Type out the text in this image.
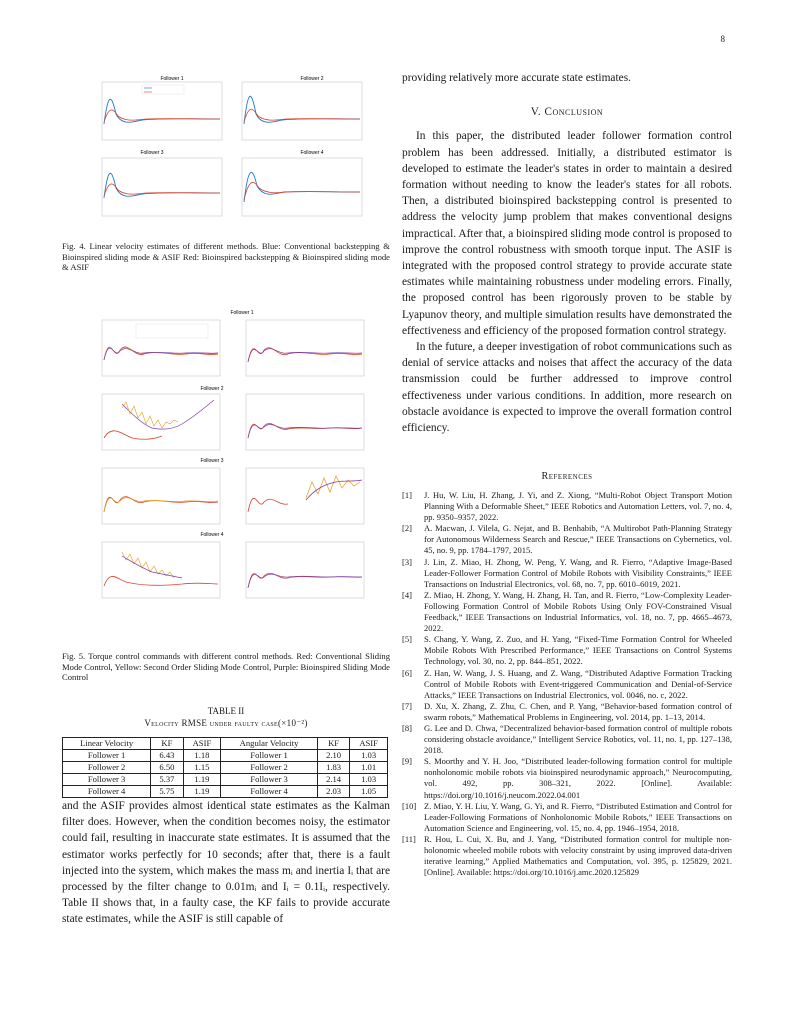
8
Follower 1	Follower 2
Follower 3	Follower 4
Fig. 4. Linear velocity estimates of different methods. Blue: Conventional backstepping & Bioinspired sliding mode & ASIF Red: Bioinspired backstepping & Bioinspired sliding mode & ASIF
Follower 1
Follower 2
Follower 3
Follower 4
Fig. 5. Torque control commands with different control methods. Red: Conventional Sliding Mode Control, Yellow: Second Order Sliding Mode Control, Purple: Bioinspired Sliding Mode Control
TABLE II
Velocity RMSE under faulty case(×10⁻²)
Linear Velocity	KF	ASIF	Angular Velocity	KF	ASIF
Follower 1	6.43	1.18	Follower 1	2.10	1.03
Follower 2	6.50	1.15	Follower 2	1.83	1.01
Follower 3	5.37	1.19	Follower 3	2.14	1.03
Follower 4	5.75	1.19	Follower 4	2.03	1.05

and the ASIF provides almost identical state estimates as the Kalman filter does. However, when the condition becomes noisy, the estimator could fail, resulting in inaccurate state estimates. It is assumed that the estimator works perfectly for 10 seconds; after that, there is a fault injected into the system, which makes the mass mᵢ and inertia Iᵢ that are processed by the filter change to 0.01mᵢ and Iᵢ = 0.1Iᵢ, respectively. Table II shows that, in a faulty case, the KF fails to provide accurate state estimates, while the ASIF is still capable of

providing relatively more accurate state estimates.

V. Conclusion

In this paper, the distributed leader follower formation control problem has been addressed. Initially, a distributed estimator is developed to estimate the leader's states in order to maintain a desired formation without needing to know the leader's states for all robots. Then, a distributed bioinspired backstepping control is presented to address the velocity jump problem that makes conventional designs impractical. After that, a bioinspired sliding mode control is proposed to improve the control robustness with smooth torque input. The ASIF is integrated with the proposed control strategy to provide accurate state estimates while maintaining robustness under modeling errors. Finally, the proposed control has been rigorously proven to be stable by Lyapunov theory, and multiple simulation results have demonstrated the effectiveness and efficiency of the proposed formation control strategy.

In the future, a deeper investigation of robot communications such as denial of service attacks and noises that affect the accuracy of the data transmission could be further addressed to improve control effectiveness under various conditions. In addition, more research on obstacle avoidance is expected to improve the overall formation control efficiency.

References
[1]	J. Hu, W. Liu, H. Zhang, J. Yi, and Z. Xiong, “Multi-Robot Object Transport Motion Planning With a Deformable Sheet,” IEEE Robotics and Automation Letters, vol. 7, no. 4, pp. 9350–9357, 2022.
[2]	A. Macwan, J. Vilela, G. Nejat, and B. Benhabib, “A Multirobot Path-Planning Strategy for Autonomous Wilderness Search and Rescue,” IEEE Transactions on Cybernetics, vol. 45, no. 9, pp. 1784–1797, 2015.
[3]	J. Lin, Z. Miao, H. Zhong, W. Peng, Y. Wang, and R. Fierro, “Adaptive Image-Based Leader-Follower Formation Control of Mobile Robots with Visibility Constraints,” IEEE Transactions on Industrial Electronics, vol. 68, no. 7, pp. 6010–6019, 2021.
[4]	Z. Miao, H. Zhong, Y. Wang, H. Zhang, H. Tan, and R. Fierro, “Low-Complexity Leader-Following Formation Control of Mobile Robots Using Only FOV-Constrained Visual Feedback,” IEEE Transactions on Industrial Informatics, vol. 18, no. 7, pp. 4665–4673, 2022.
[5]	S. Chang, Y. Wang, Z. Zuo, and H. Yang, “Fixed-Time Formation Control for Wheeled Mobile Robots With Prescribed Performance,” IEEE Transactions on Control Systems Technology, vol. 30, no. 2, pp. 844–851, 2022.
[6]	Z. Han, W. Wang, J. S. Huang, and Z. Wang, “Distributed Adaptive Formation Tracking Control of Mobile Robots with Event-triggered Communication and Denial-of-Service Attacks,” IEEE Transactions on Industrial Electronics, vol. 0046, no. c, 2022.
[7]	D. Xu, X. Zhang, Z. Zhu, C. Chen, and P. Yang, “Behavior-based formation control of swarm robots,” Mathematical Problems in Engineering, vol. 2014, pp. 1–13, 2014.
[8]	G. Lee and D. Chwa, “Decentralized behavior-based formation control of multiple robots considering obstacle avoidance,” Intelligent Service Robotics, vol. 11, no. 1, pp. 127–138, 2018.
[9]	S. Moorthy and Y. H. Joo, “Distributed leader-following formation control for multiple nonholonomic mobile robots via bioinspired neurodynamic approach,” Neurocomputing, vol. 492, pp. 308–321, 2022. [Online]. Available: https://doi.org/10.1016/j.neucom.2022.04.001
[10] Z. Miao, Y. H. Liu, Y. Wang, G. Yi, and R. Fierro, “Distributed Estimation and Control for Leader-Following Formations of Nonholonomic Mobile Robots,” IEEE Transactions on Automation Science and Engineering, vol. 15, no. 4, pp. 1946–1954, 2018.
[11] R. Hou, L. Cui, X. Bu, and J. Yang, “Distributed formation control for multiple non-holonomic wheeled mobile robots with velocity constraint by using improved data-driven iterative learning,” Applied Mathematics and Computation, vol. 395, p. 125829, 2021. [Online]. Available: https://doi.org/10.1016/j.amc.2020.125829
